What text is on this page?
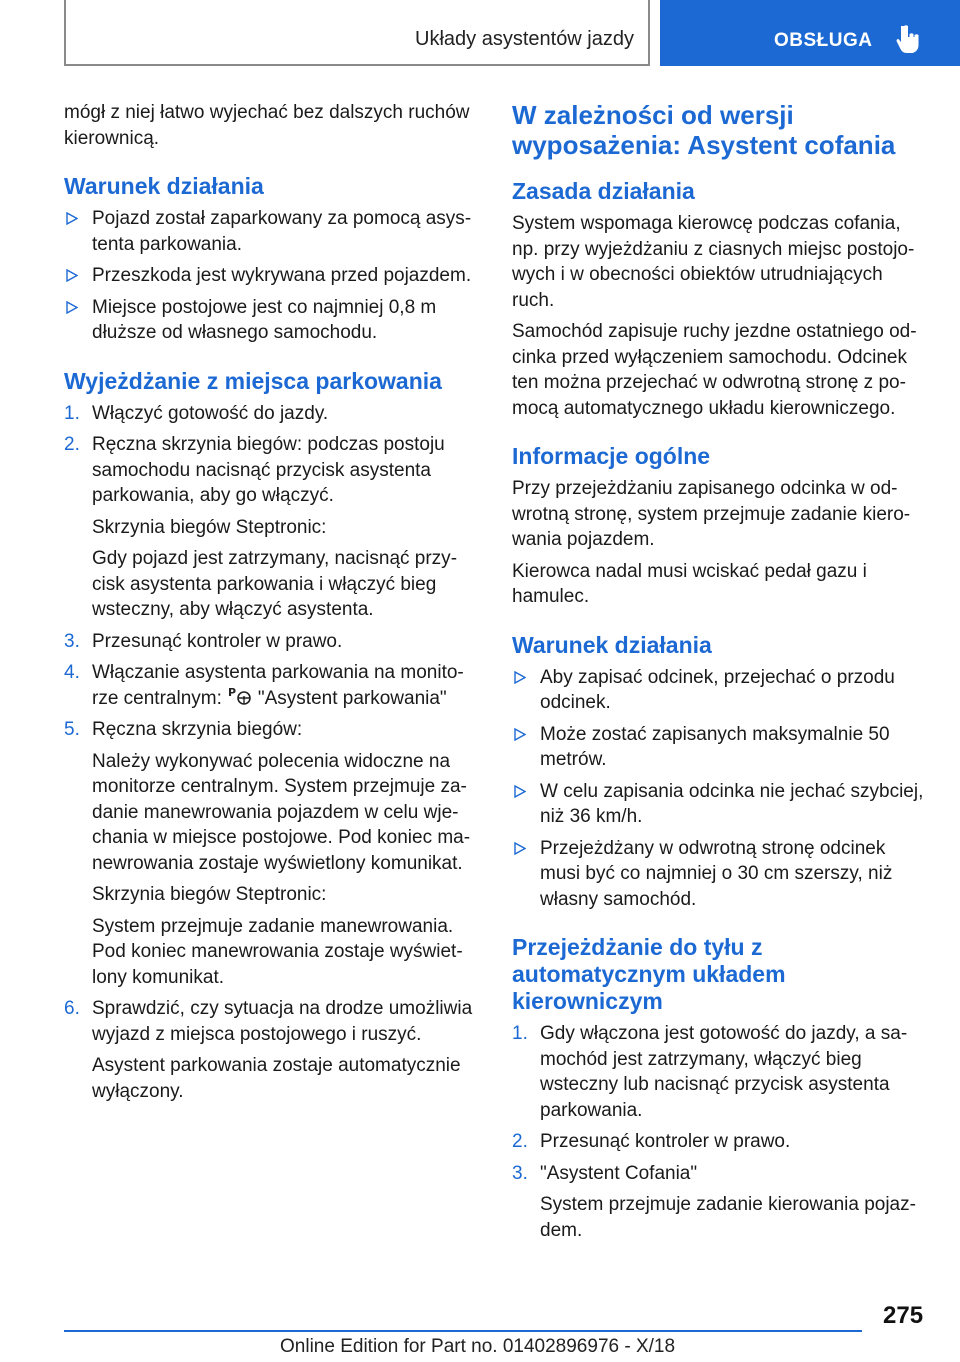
Układy asystentów jazdy	OBSŁUGA

mógł z niej łatwo wyjechać bez dalszych ruchów kierownicą.

Warunek działania
Pojazd został zaparkowany za pomocą asystenta parkowania.
Przeszkoda jest wykrywana przed pojazdem.
Miejsce postojowe jest co najmniej 0,8 m dłuższe od własnego samochodu.
Wyjeżdżanie z miejsca parkowania
1. Włączyć gotowość do jazdy.
2. Ręczna skrzynia biegów: podczas postoju samochodu nacisnąć przycisk asystenta parkowania, aby go włączyć.

Skrzynia biegów Steptronic:

Gdy pojazd jest zatrzymany, nacisnąć przycisk asystenta parkowania i włączyć bieg wsteczny, aby włączyć asystenta.

3. Przesunąć kontroler w prawo.
4. Włączanie asystenta parkowania na monitorze centralnym: P "Asystent parkowania"
5. Ręczna skrzynia biegów:

Należy wykonywać polecenia widoczne na monitorze centralnym. System przejmuje zadanie manewrowania pojazdem w celu wjechania w miejsce postojowe. Pod koniec manewrowania zostaje wyświetlony komunikat.

Skrzynia biegów Steptronic:

System przejmuje zadanie manewrowania. Pod koniec manewrowania zostaje wyświetlony komunikat.

6. Sprawdzić, czy sytuacja na drodze umożliwia wyjazd z miejsca postojowego i ruszyć.

Asystent parkowania zostaje automatycznie wyłączony.

W zależności od wersji wyposażenia: Asystent cofania
Zasada działania

System wspomaga kierowcę podczas cofania, np. przy wyjeżdżaniu z ciasnych miejsc postojowych i w obecności obiektów utrudniających ruch.

Samochód zapisuje ruchy jezdne ostatniego odcinka przed wyłączeniem samochodu. Odcinek ten można przejechać w odwrotną stronę z pomocą automatycznego układu kierowniczego.

Informacje ogólne

Przy przejeżdżaniu zapisanego odcinka w odwrotną stronę, system przejmuje zadanie kierowania pojazdem.

Kierowca nadal musi wciskać pedał gazu i hamulec.

Warunek działania
Aby zapisać odcinek, przejechać o przodu odcinek.
Może zostać zapisanych maksymalnie 50 metrów.
W celu zapisania odcinka nie jechać szybciej, niż 36 km/h.
Przejeżdżany w odwrotną stronę odcinek musi być co najmniej o 30 cm szerszy, niż własny samochód.
Przejeżdżanie do tyłu z automatycznym układem kierowniczym
1. Gdy włączona jest gotowość do jazdy, a samochód jest zatrzymany, włączyć bieg wsteczny lub nacisnąć przycisk asystenta parkowania.
2. Przesunąć kontroler w prawo.
3. "Asystent Cofania"

System przejmuje zadanie kierowania pojazdem.

275
Online Edition for Part no. 01402896976 - X/18
